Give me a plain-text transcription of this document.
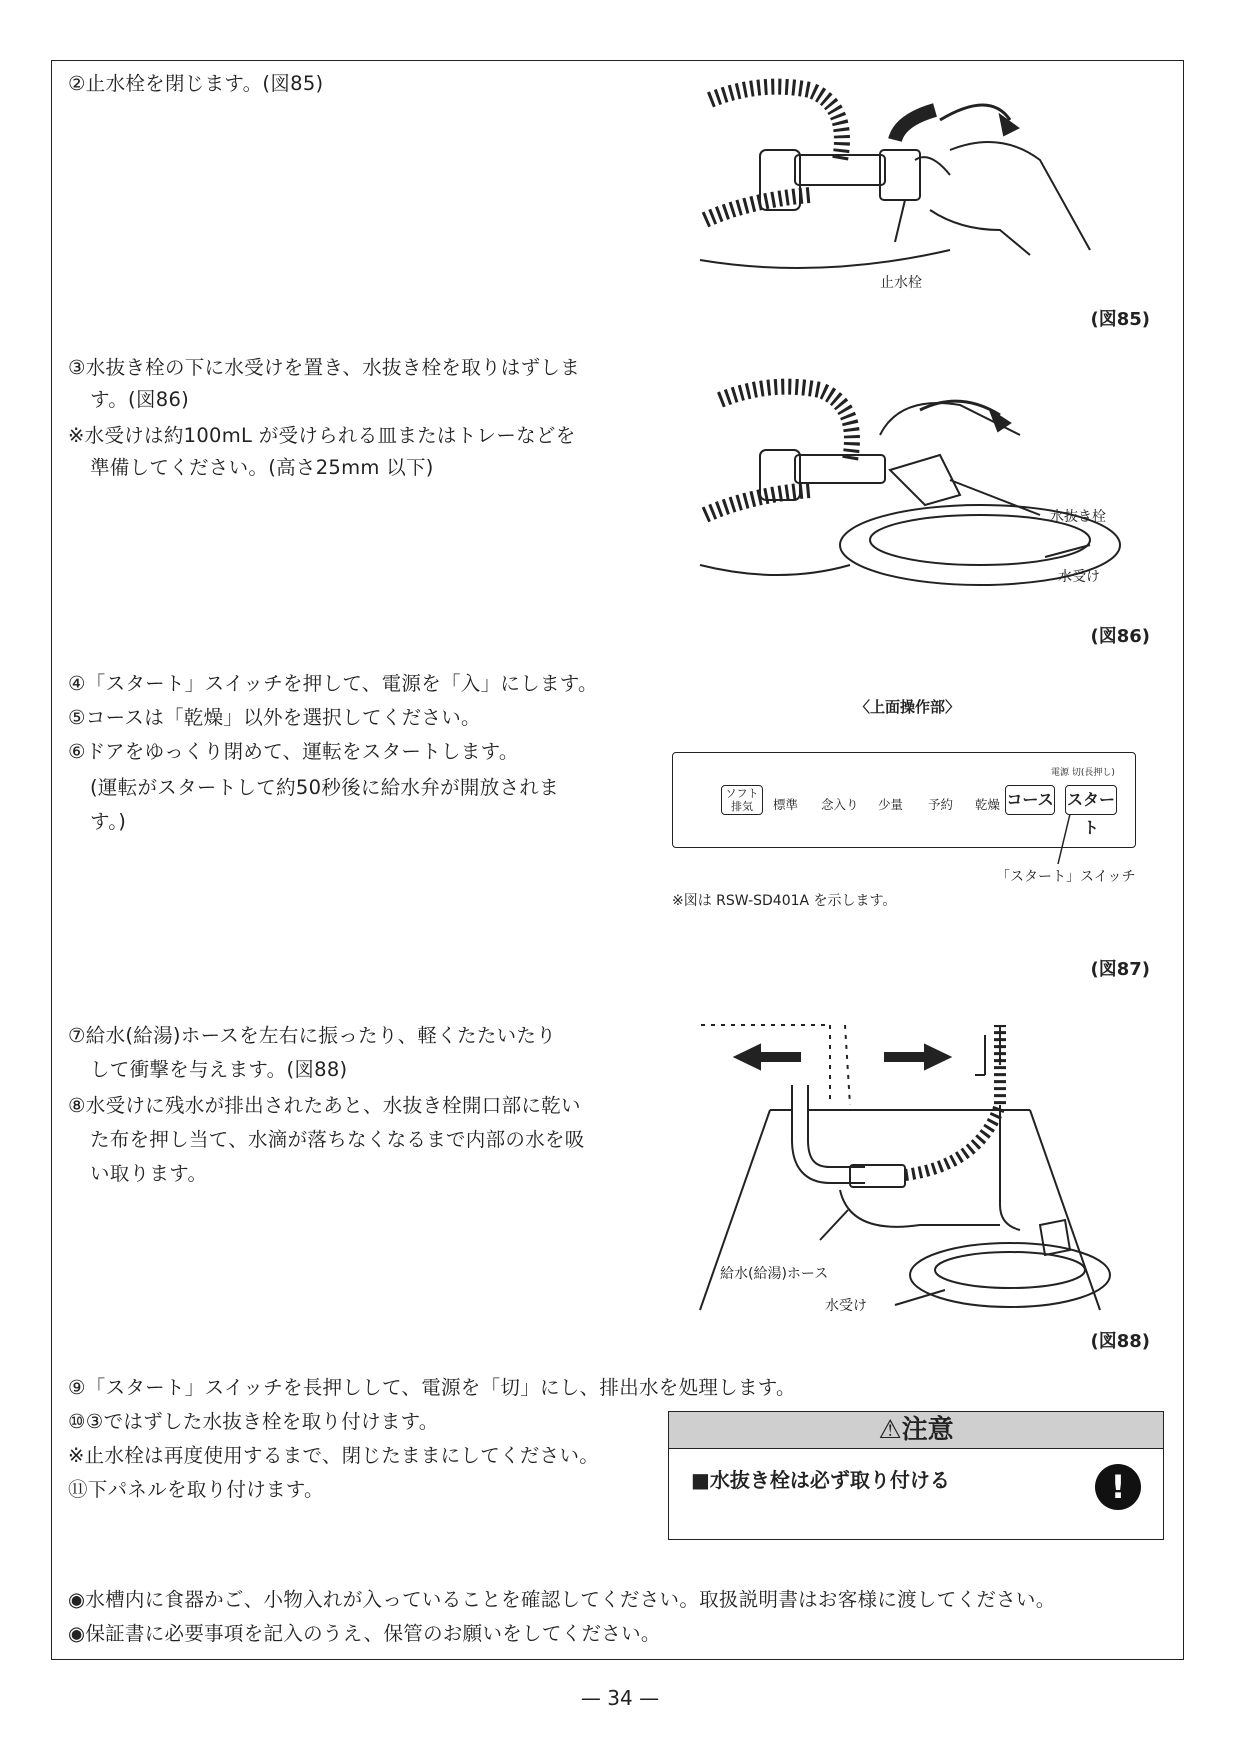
②止水栓を閉じます。(図85)
止水栓
(図85)
③水抜き栓の下に水受けを置き、水抜き栓を取りはずしま
す。(図86)
※水受けは約100mL が受けられる皿またはトレーなどを
準備してください。(高さ25mm 以下)
水抜き栓
水受け
(図86)
④「スタート」スイッチを押して、電源を「入」にします。
⑤コースは「乾燥」以外を選択してください。
⑥ドアをゆっくり閉めて、運転をスタートします。
(運転がスタートして約50秒後に給水弁が開放されま
す。)
〈上面操作部〉
ソフト
排気	標準 念入り 少量 予約 乾燥 コース
電源 切(長押し)
スタート
「スタート」スイッチ
※図は RSW-SD401A を示します。
(図87)
⑦給水(給湯)ホースを左右に振ったり、軽くたたいたり
して衝撃を与えます。(図88)
⑧水受けに残水が排出されたあと、水抜き栓開口部に乾い
た布を押し当て、水滴が落ちなくなるまで内部の水を吸
い取ります。
給水(給湯)ホース
水受け
(図88)
⑨「スタート」スイッチを長押しして、電源を「切」にし、排出水を処理します。
⑩③ではずした水抜き栓を取り付けます。
※止水栓は再度使用するまで、閉じたままにしてください。
⑪下パネルを取り付けます。
⚠注意
■水抜き栓は必ず取り付ける	!
◉水槽内に食器かご、小物入れが入っていることを確認してください。取扱説明書はお客様に渡してください。
◉保証書に必要事項を記入のうえ、保管のお願いをしてください。
— 34 —
